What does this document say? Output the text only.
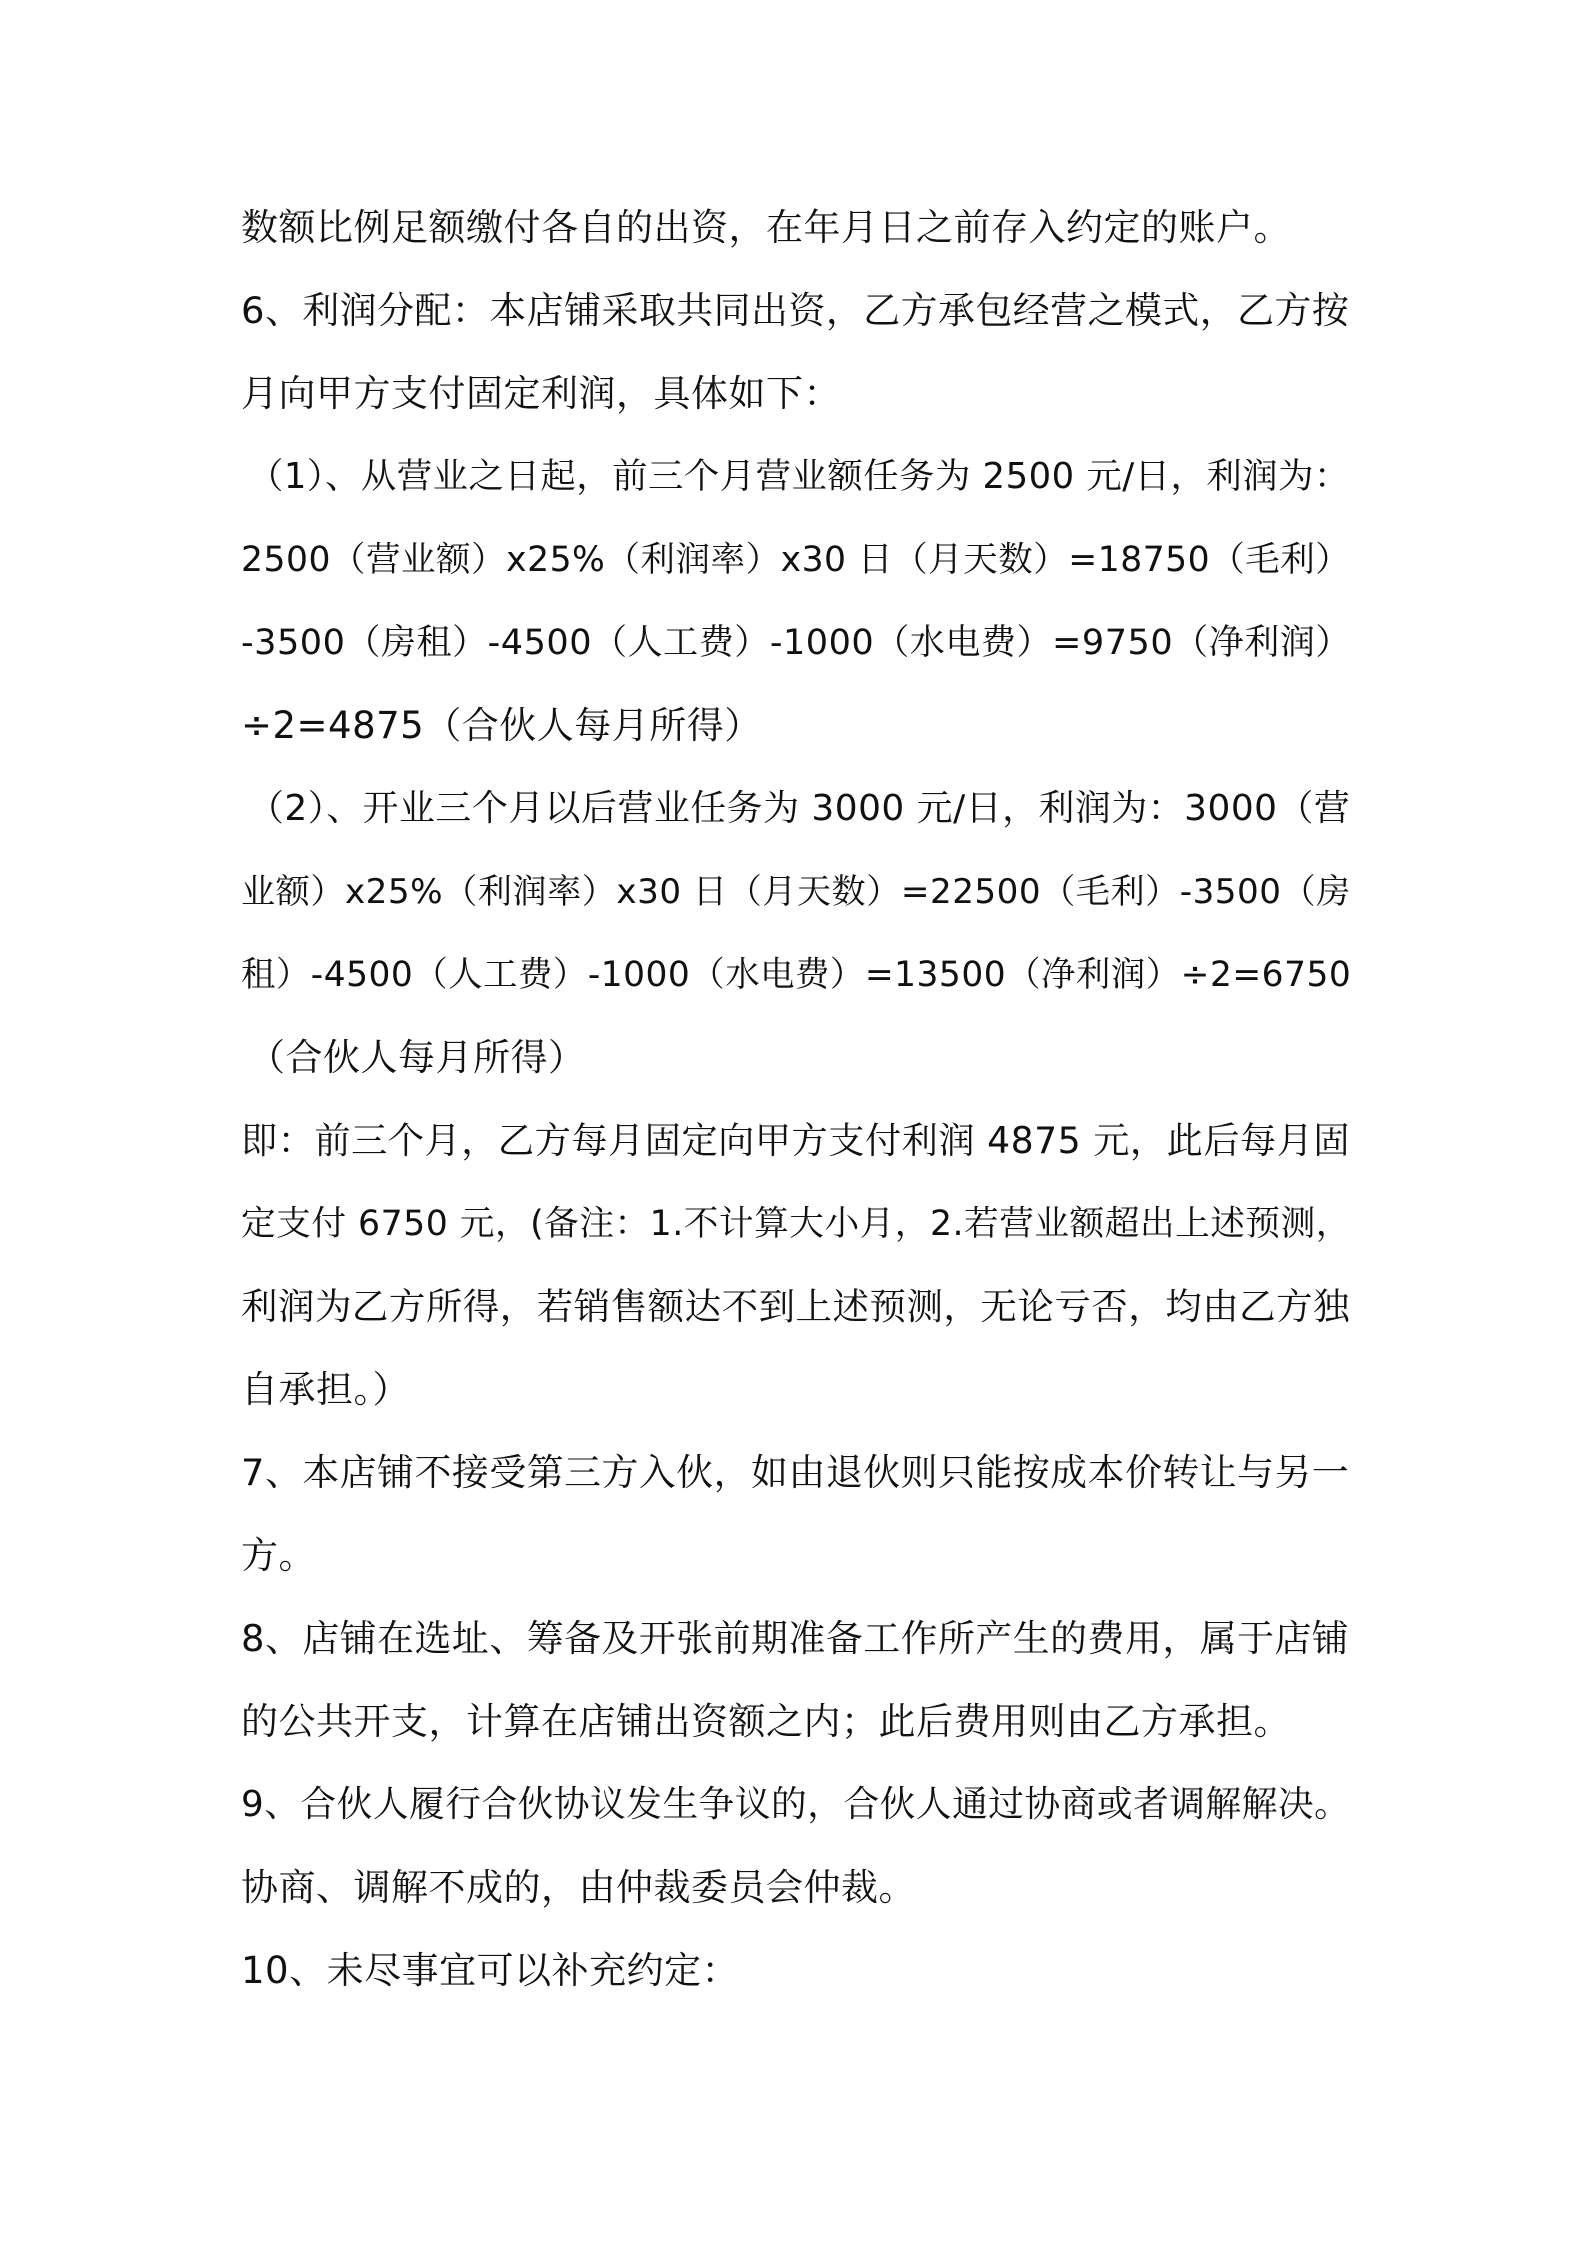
数额比例足额缴付各自的出资，在年月日之前存入约定的账户。
6、利润分配：本店铺采取共同出资，乙方承包经营之模式，乙方按
月向甲方支付固定利润，具体如下：
（1）、从营业之日起，前三个月营业额任务为 2500 元/日，利润为：
2500（营业额）x25%（利润率）x30 日（月天数）=18750（毛利）
-3500（房租）-4500（人工费）-1000（水电费）=9750（净利润）
÷2=4875（合伙人每月所得）
（2）、开业三个月以后营业任务为 3000 元/日，利润为：3000（营
业额）x25%（利润率）x30 日（月天数）=22500（毛利）-3500（房
租）-4500（人工费）-1000（水电费）=13500（净利润）÷2=6750
（合伙人每月所得）
即：前三个月，乙方每月固定向甲方支付利润 4875 元，此后每月固
定支付 6750 元，(备注：1.不计算大小月，2.若营业额超出上述预测，
利润为乙方所得，若销售额达不到上述预测，无论亏否，均由乙方独
自承担。）
7、本店铺不接受第三方入伙，如由退伙则只能按成本价转让与另一
方。
8、店铺在选址、筹备及开张前期准备工作所产生的费用，属于店铺
的公共开支，计算在店铺出资额之内；此后费用则由乙方承担。
9、合伙人履行合伙协议发生争议的，合伙人通过协商或者调解解决。
协商、调解不成的，由仲裁委员会仲裁。
10、未尽事宜可以补充约定：
